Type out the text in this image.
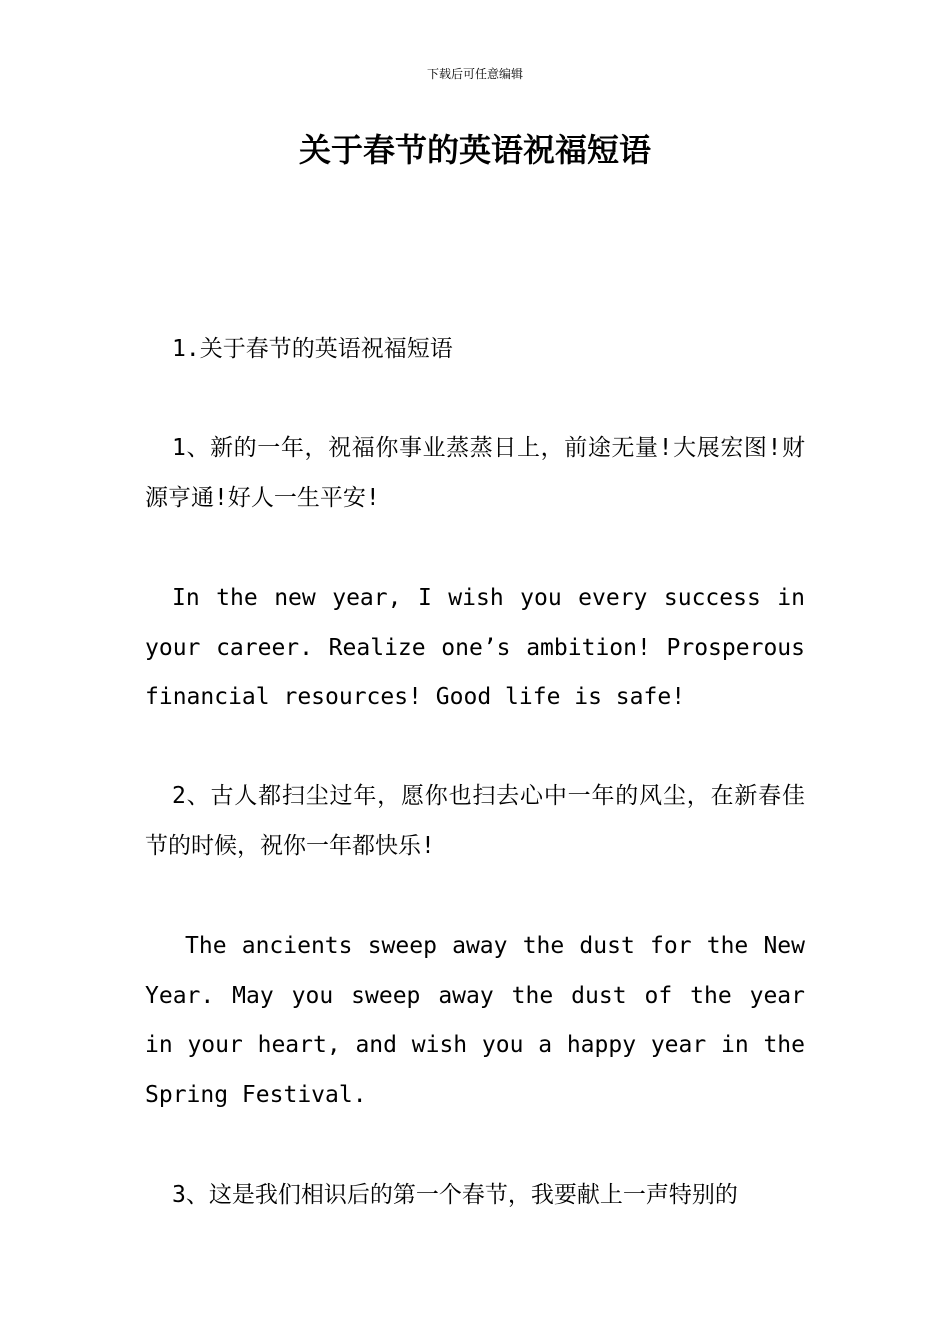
下载后可任意编辑
关于春节的英语祝福短语

1.关于春节的英语祝福短语

1、新的一年，祝福你事业蒸蒸日上，前途无量!大展宏图!财源亨通!好人一生平安!

In the new year, I wish you every success in your career. Realize one’s ambition! Prosperous financial resources! Good life is safe!

2、古人都扫尘过年，愿你也扫去心中一年的风尘，在新春佳节的时候，祝你一年都快乐!

The ancients sweep away the dust for the New Year. May you sweep away the dust of the year in your heart, and wish you a happy year in the Spring Festival.

3、这是我们相识后的第一个春节，我要献上一声特别的
